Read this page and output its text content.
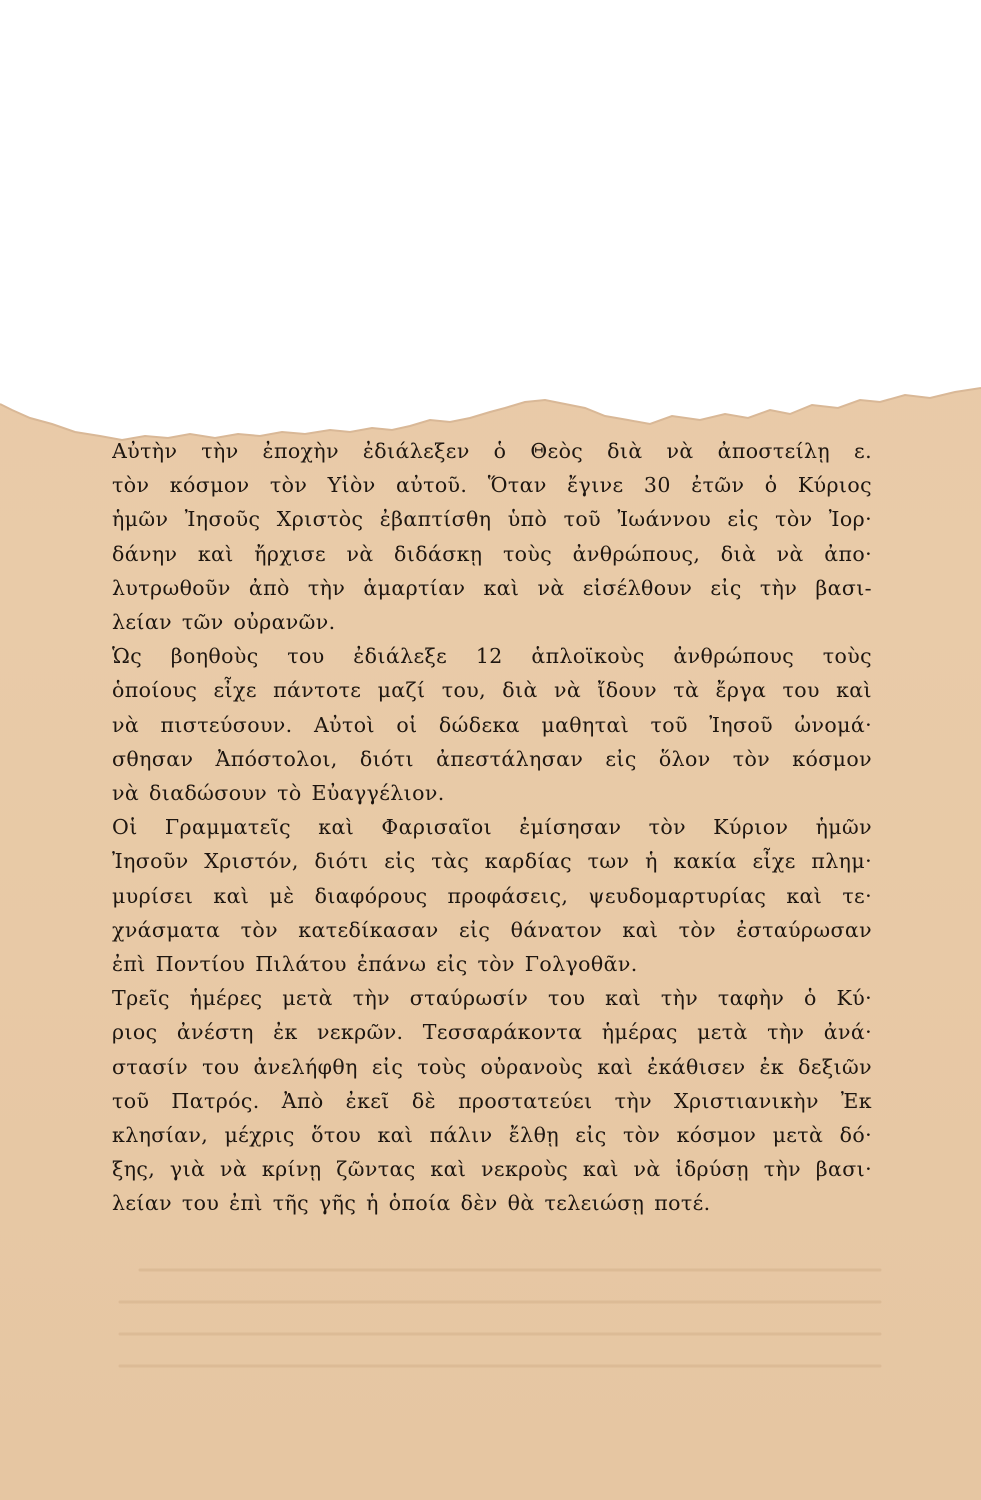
Αὐτὴν τὴν ἐποχὴν ἐδιάλεξεν ὁ Θεὸς διὰ νὰ ἀποστείλῃ ε.
τὸν κόσμον τὸν Υἱὸν αὐτοῦ. Ὅταν ἔγινε 30 ἐτῶν ὁ Κύριος
ἡμῶν Ἰησοῦς Χριστὸς ἐβαπτίσθη ὑπὸ τοῦ Ἰωάννου εἰς τὸν Ἰορ·
δάνην καὶ ἤρχισε νὰ διδάσκῃ τοὺς ἀνθρώπους, διὰ νὰ ἀπο·
λυτρωθοῦν ἀπὸ τὴν ἁμαρτίαν καὶ νὰ εἰσέλθουν εἰς τὴν βασι-
λείαν τῶν οὐρανῶν.
Ὡς βοηθοὺς του ἐδιάλεξε 12 ἁπλοϊκοὺς ἀνθρώπους τοὺς
ὁποίους εἶχε πάντοτε μαζί του, διὰ νὰ ἴδουν τὰ ἔργα του καὶ
νὰ πιστεύσουν. Αὐτοὶ οἱ δώδεκα μαθηταὶ τοῦ Ἰησοῦ ὠνομά·
σθησαν Ἀπόστολοι, διότι ἀπεστάλησαν εἰς ὅλον τὸν κόσμον
νὰ διαδώσουν τὸ Εὐαγγέλιον.
Οἱ Γραμματεῖς καὶ Φαρισαῖοι ἐμίσησαν τὸν Κύριον ἡμῶν
Ἰησοῦν Χριστόν, διότι εἰς τὰς καρδίας των ἡ κακία εἶχε πλημ·
μυρίσει καὶ μὲ διαφόρους προφάσεις, ψευδομαρτυρίας καὶ τε·
χνάσματα τὸν κατεδίκασαν εἰς θάνατον καὶ τὸν ἐσταύρωσαν
ἐπὶ Ποντίου Πιλάτου ἐπάνω εἰς τὸν Γολγοθᾶν.
Τρεῖς ἡμέρες μετὰ τὴν σταύρωσίν του καὶ τὴν ταφὴν ὁ Κύ·
ριος ἀνέστη ἐκ νεκρῶν. Τεσσαράκοντα ἡμέρας μετὰ τὴν ἀνά·
στασίν του ἀνελήφθη εἰς τοὺς οὐρανοὺς καὶ ἐκάθισεν ἐκ δεξιῶν
τοῦ Πατρός. Ἀπὸ ἐκεῖ δὲ προστατεύει τὴν Χριστιανικὴν Ἐκ
κλησίαν, μέχρις ὅτου καὶ πάλιν ἔλθῃ εἰς τὸν κόσμον μετὰ δό·
ξης, γιὰ νὰ κρίνῃ ζῶντας καὶ νεκροὺς καὶ νὰ ἱδρύσῃ τὴν βασι·
λείαν του ἐπὶ τῆς γῆς ἡ ὁποία δὲν θὰ τελειώσῃ ποτέ.
